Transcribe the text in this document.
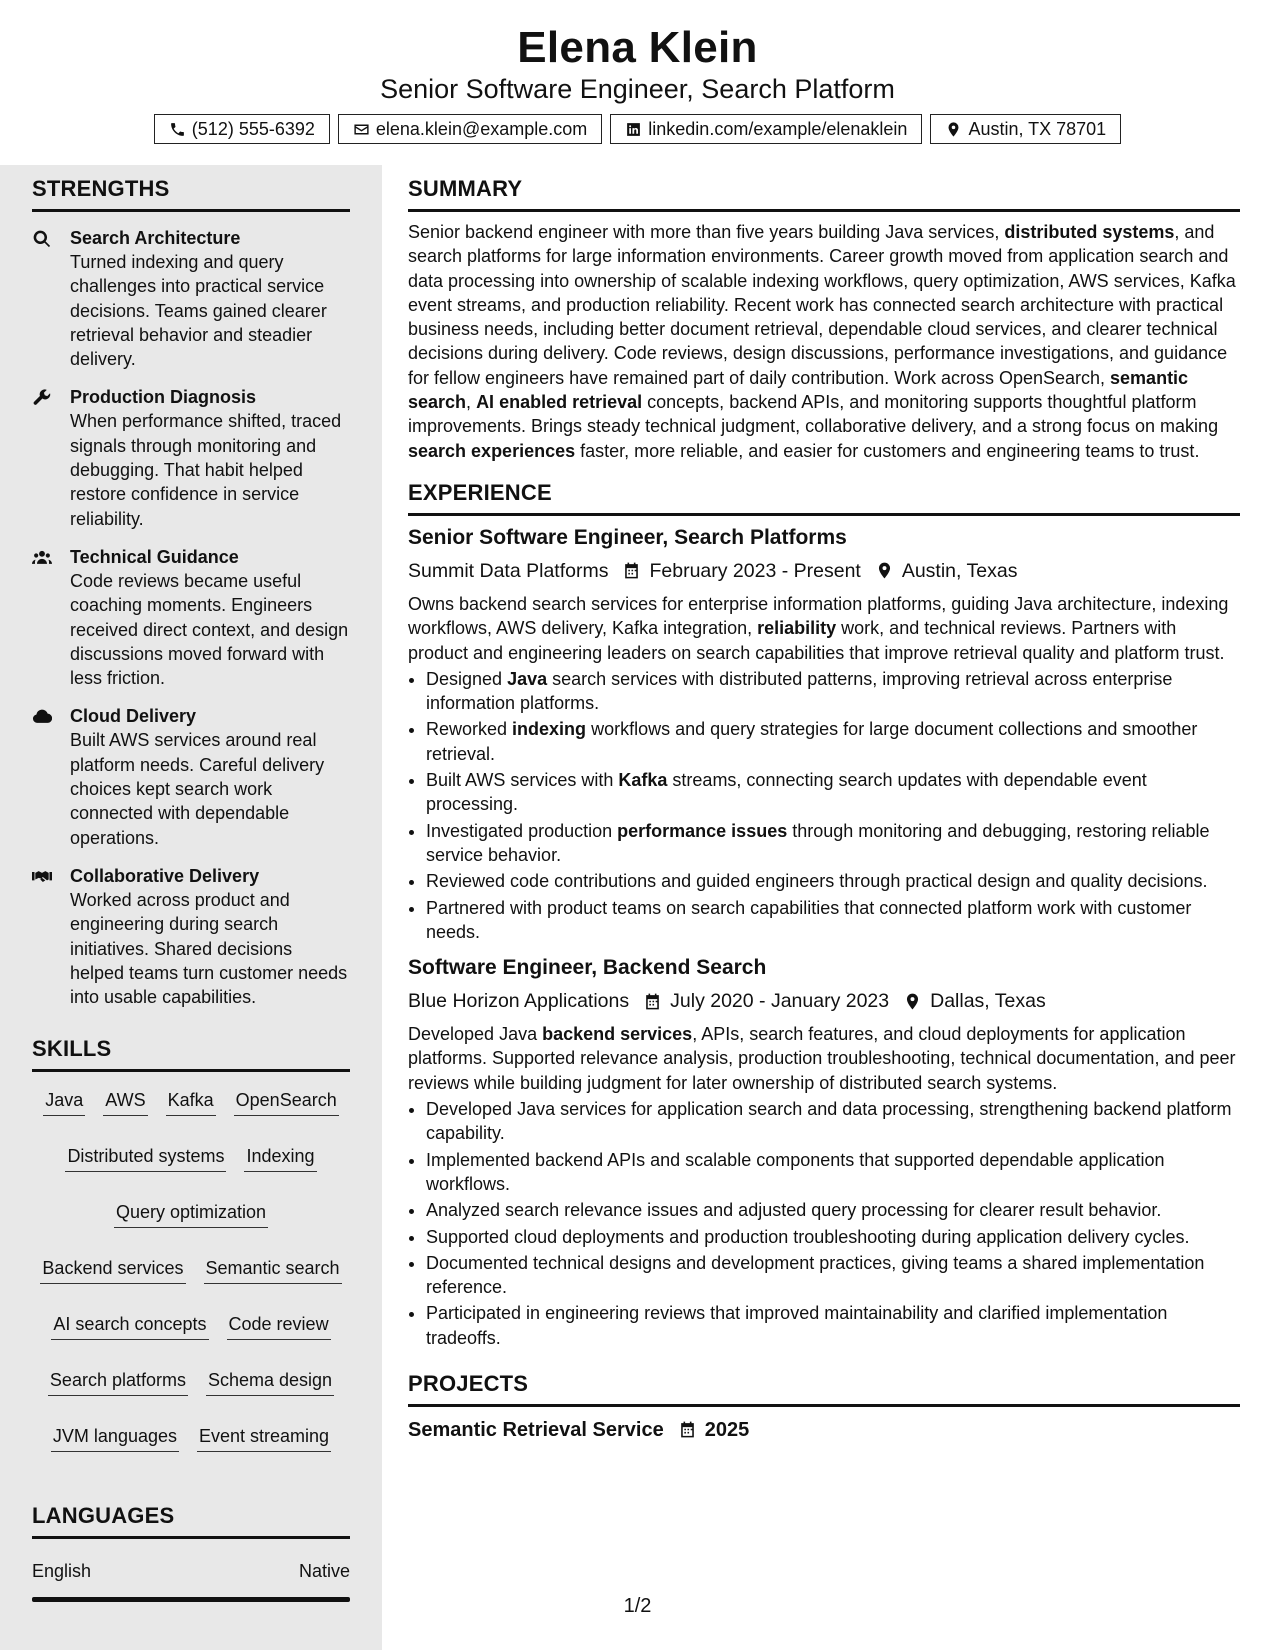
Elena Klein
Senior Software Engineer, Search Platform
(512) 555-6392	elena.klein@example.com	linkedin.com/example/elenaklein	Austin, TX 78701
STRENGTHS
Search Architecture
Turned indexing and query challenges into practical service decisions. Teams gained clearer retrieval behavior and steadier delivery.
Production Diagnosis
When performance shifted, traced signals through monitoring and debugging. That habit helped restore confidence in service reliability.
Technical Guidance
Code reviews became useful coaching moments. Engineers received direct context, and design discussions moved forward with less friction.
Cloud Delivery
Built AWS services around real platform needs. Careful delivery choices kept search work connected with dependable operations.
Collaborative Delivery
Worked across product and engineering during search initiatives. Shared decisions helped teams turn customer needs into usable capabilities.
SKILLS
Java AWS Kafka OpenSearch
Distributed systems Indexing
Query optimization
Backend services Semantic search
AI search concepts Code review
Search platforms Schema design
JVM languages Event streaming
LANGUAGES
English	Native
SUMMARY

Senior backend engineer with more than five years building Java services, distributed systems, and search platforms for large information environments. Career growth moved from application search and data processing into ownership of scalable indexing workflows, query optimization, AWS services, Kafka event streams, and production reliability. Recent work has connected search architecture with practical business needs, including better document retrieval, dependable cloud services, and clearer technical decisions during delivery. Code reviews, design discussions, performance investigations, and guidance for fellow engineers have remained part of daily contribution. Work across OpenSearch, semantic search, AI enabled retrieval concepts, backend APIs, and monitoring supports thoughtful platform improvements. Brings steady technical judgment, collaborative delivery, and a strong focus on making search experiences faster, more reliable, and easier for customers and engineering teams to trust.

EXPERIENCE
Senior Software Engineer, Search Platforms
Summit Data Platforms February 2023 - Present Austin, Texas

Owns backend search services for enterprise information platforms, guiding Java architecture, indexing workflows, AWS delivery, Kafka integration, reliability work, and technical reviews. Partners with product and engineering leaders on search capabilities that improve retrieval quality and platform trust.

• Designed Java search services with distributed patterns, improving retrieval across enterprise information platforms.
• Reworked indexing workflows and query strategies for large document collections and smoother retrieval.
• Built AWS services with Kafka streams, connecting search updates with dependable event processing.
• Investigated production performance issues through monitoring and debugging, restoring reliable service behavior.
• Reviewed code contributions and guided engineers through practical design and quality decisions.
• Partnered with product teams on search capabilities that connected platform work with customer needs.
Software Engineer, Backend Search
Blue Horizon Applications July 2020 - January 2023 Dallas, Texas

Developed Java backend services, APIs, search features, and cloud deployments for application platforms. Supported relevance analysis, production troubleshooting, technical documentation, and peer reviews while building judgment for later ownership of distributed search systems.

• Developed Java services for application search and data processing, strengthening backend platform capability.
• Implemented backend APIs and scalable components that supported dependable application workflows.
• Analyzed search relevance issues and adjusted query processing for clearer result behavior.
• Supported cloud deployments and production troubleshooting during application delivery cycles.
• Documented technical designs and development practices, giving teams a shared implementation reference.
• Participated in engineering reviews that improved maintainability and clarified implementation tradeoffs.
PROJECTS
Semantic Retrieval Service 2025
1/2
